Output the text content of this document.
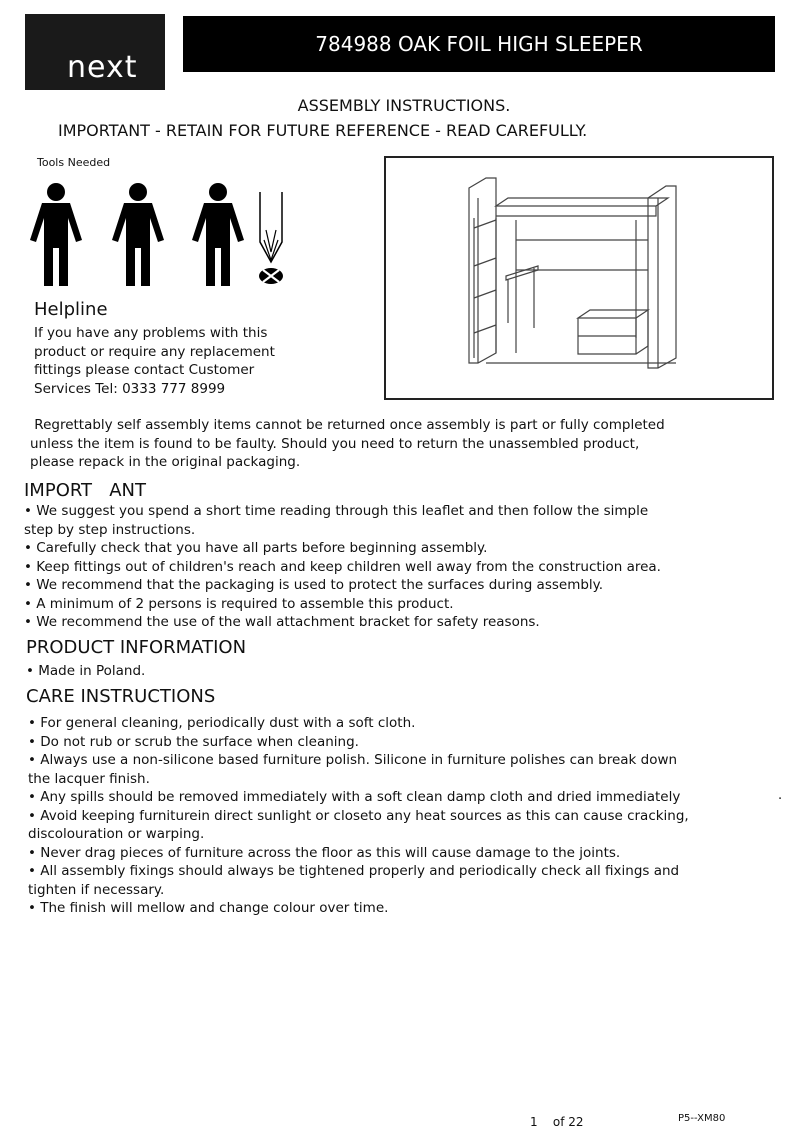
next
784988 OAK FOIL HIGH SLEEPER
ASSEMBLY INSTRUCTIONS.
IMPORTANT - RETAIN FOR FUTURE REFERENCE - READ CAREFULLY.
Tools Needed
Helpline
If you have any problems with this
product or require any replacement
fittings please contact Customer
Services Tel: 0333 777 8999
Regrettably self assembly items cannot be returned once assembly is part or fully completed
unless the item is found to be faulty. Should you need to return the unassembled product,
please repack in the original packaging.
IMPORT   ANT

• We suggest you spend a short time reading through this leaflet and then follow the simple

step by step instructions.

• Carefully check that you have all parts before beginning assembly.

• Keep fittings out of children's reach and keep children well away from the construction area.

• We recommend that the packaging is used to protect the surfaces during assembly.

• A minimum of 2 persons is required to assemble this product.

• We recommend the use of the wall attachment bracket for safety reasons.

PRODUCT INFORMATION

• Made in Poland.

CARE INSTRUCTIONS

• For general cleaning, periodically dust with a soft cloth.

• Do not rub or scrub the surface when cleaning.

• Always use a non-silicone based furniture polish. Silicone in furniture polishes can break down

the lacquer finish.

• Any spills should be removed immediately with a soft clean damp cloth and dried immediately

• Avoid keeping furniturein direct sunlight or closeto any heat sources as this can cause cracking,

discolouration or warping.

• Never drag pieces of furniture across the floor as this will cause damage to the joints.

• All assembly fixings should always be tightened properly and periodically check all fixings and

tighten if necessary.

• The finish will mellow and change colour over time.

.
1    of 22	P5--XM80
